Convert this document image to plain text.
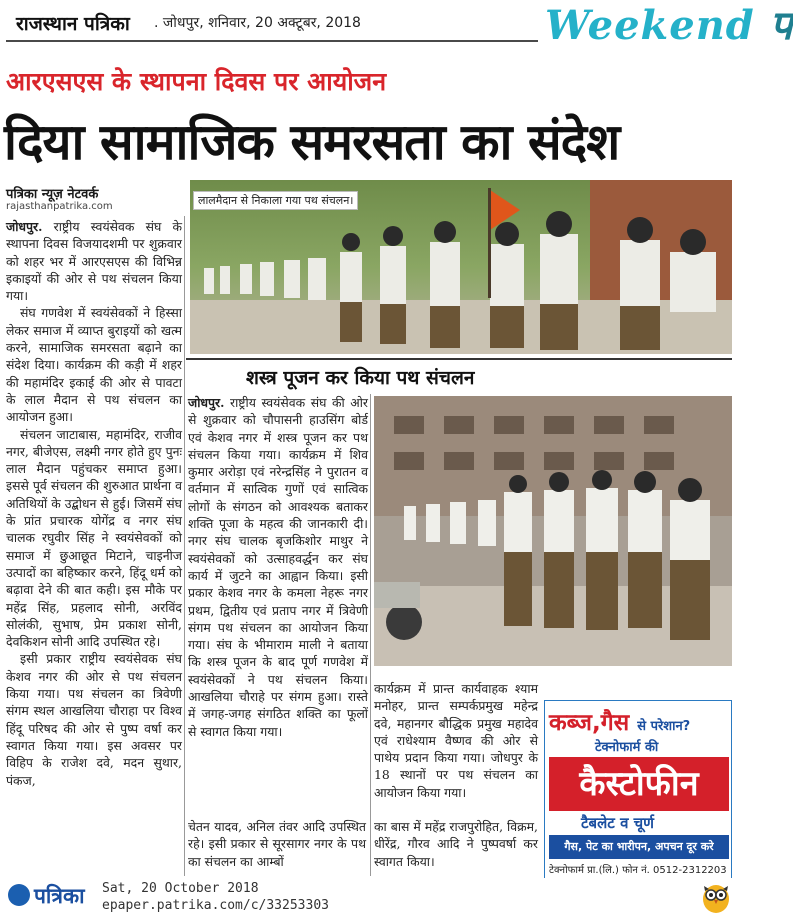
राजस्थान पत्रिका . जोधपुर, शनिवार, 20 अक्टूबर, 2018	Weekend प
आरएसएस के स्थापना दिवस पर आयोजन
दिया सामाजिक समरसता का संदेश
पत्रिका न्यूज़ नेटवर्क
rajasthanpatrika.com

जोधपुर. राष्ट्रीय स्वयंसेवक संघ के स्थापना दिवस विजयादशमी पर शुक्रवार को शहर भर में आरएसएस की विभिन्न इकाइयों की ओर से पथ संचलन किया गया।

संघ गणवेश में स्वयंसेवकों ने हिस्सा लेकर समाज में व्याप्त बुराइयों को खत्म करने, सामाजिक समरसता बढ़ाने का संदेश दिया। कार्यक्रम की कड़ी में शहर की महामंदिर इकाई की ओर से पावटा के लाल मैदान से पथ संचलन का आयोजन हुआ।

संचलन जाटाबास, महामंदिर, राजीव नगर, बीजेएस, लक्ष्मी नगर होते हुए पुनः लाल मैदान पहुंचकर समाप्त हुआ। इससे पूर्व संचलन की शुरुआत प्रार्थना व अतिथियों के उद्बोधन से हुई। जिसमें संघ के प्रांत प्रचारक योगेंद्र व नगर संघ चालक रघुवीर सिंह ने स्वयंसेवकों को समाज में छुआछूत मिटाने, चाइनीज उत्पादों का बहिष्कार करने, हिंदू धर्म को बढ़ावा देने की बात कही। इस मौके पर महेंद्र सिंह, प्रहलाद सोनी, अरविंद सोलंकी, सुभाष, प्रेम प्रकाश सोनी, देवकिशन सोनी आदि उपस्थित रहे।

इसी प्रकार राष्ट्रीय स्वयंसेवक संघ केशव नगर की ओर से पथ संचलन किया गया। पथ संचलन का त्रिवेणी संगम स्थल आखलिया चौराहा पर विश्व हिंदू परिषद की ओर से पुष्प वर्षा कर स्वागत किया गया। इस अवसर पर विहिप के राजेश दवे, मदन सुथार, पंकज,

लालमैदान से निकाला गया पथ संचलन।
शस्त्र पूजन कर किया पथ संचलन

जोधपुर. राष्ट्रीय स्वयंसेवक संघ की ओर से शुक्रवार को चौपासनी हाउसिंग बोर्ड एवं केशव नगर में शस्त्र पूजन कर पथ संचलन किया गया। कार्यक्रम में शिव कुमार अरोड़ा एवं नरेन्द्रसिंह ने पुरातन व वर्तमान में सात्विक गुणों एवं सात्विक लोगों के संगठन को आवश्यक बताकर शक्ति पूजा के महत्व की जानकारी दी। नगर संघ चालक बृजकिशोर माथुर ने स्वयंसेवकों को उत्साहवर्द्धन कर संघ कार्य में जुटने का आह्वान किया। इसी प्रकार केशव नगर के कमला नेहरू नगर प्रथम, द्वितीय एवं प्रताप नगर में त्रिवेणी संगम पथ संचलन का आयोजन किया गया। संघ के भीमाराम माली ने बताया कि शस्त्र पूजन के बाद पूर्ण गणवेश में स्वयंसेवकों ने पथ संचलन किया। आखलिया चौराहे पर संगम हुआ। रास्ते में जगह-जगह संगठित शक्ति का फूलों से स्वागत किया गया।

कार्यक्रम में प्रान्त कार्यवाहक श्याम मनोहर, प्रान्त सम्पर्कप्रमुख महेन्द्र दवे, महानगर बौद्धिक प्रमुख महादेव एवं राधेश्याम वैष्णव की ओर से पाथेय प्रदान किया गया। जोधपुर के 18 स्थानों पर पथ संचलन का आयोजन किया गया।

चेतन यादव, अनिल तंवर आदि उपस्थित रहे। इसी प्रकार से सूरसागर नगर के पथ का संचलन का आम्बों

का बास में महेंद्र राजपुरोहित, विक्रम, धीरेंद्र, गौरव आदि ने पुष्पवर्षा कर स्वागत किया।

कब्ज,गैस से परेशान?
टेक्नोफार्म की
कैस्टोफीन
टैबलेट व चूर्ण
गैस, पेट का भारीपन, अपचन दूर करे
टेक्नोफार्म प्रा.(लि.) फोन नं. 0512-2312203
पत्रिका Sat, 20 October 2018
epaper.patrika.com/c/33253303
